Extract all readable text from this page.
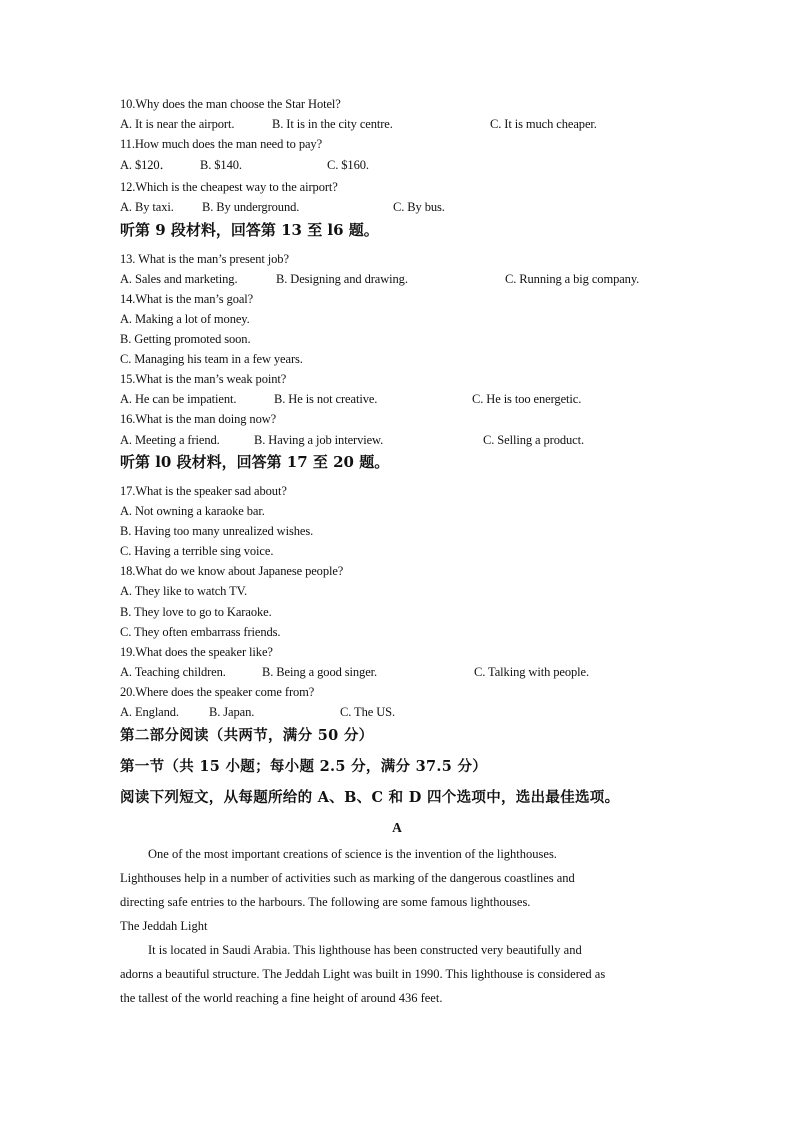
10.Why does the man choose the Star Hotel?
A. It is near the airport.	B. It is in the city centre.	C. It is much cheaper.
11.How much does the man need to pay?
A. $120． B. $140.	C. $160.
12.Which is the cheapest way to the airport?
A. By taxi. B. By underground.	C. By bus.
听第 9 段材料，回答第 13 至 l6 题。
13. What is the man’s present job?
A. Sales and marketing.	B. Designing and drawing.	C. Running a big company.
14.What is the man’s goal?
A. Making a lot of money.
B. Getting promoted soon.
C. Managing his team in a few years.
15.What is the man’s weak point?
A. He can be impatient.	B. He is not creative.	C. He is too energetic.
16.What is the man doing now?
A. Meeting a friend.	B. Having a job interview.	C. Selling a product.
听第 l0 段材料，回答第 17 至 20 题。
17.What is the speaker sad about?
A. Not owning a karaoke bar.
B. Having too many unrealized wishes.
C. Having a terrible sing voice.
18.What do we know about Japanese people?
A. They like to watch TV.
B. They love to go to Karaoke.
C. They often embarrass friends.
19.What does the speaker like?
A. Teaching children.	B. Being a good singer.	C. Talking with people.
20.Where does the speaker come from?
A. England. B. Japan.	C. The US.
第二部分阅读（共两节，满分 50 分）
第一节（共 15 小题；每小题 2.5 分，满分 37.5 分）
阅读下列短文，从每题所给的 A、B、C 和 D 四个选项中，选出最佳选项。
A
One of the most important creations of science is the invention of the lighthouses.
Lighthouses help in a number of activities such as marking of the dangerous coastlines and
directing safe entries to the harbours. The following are some famous lighthouses.
The Jeddah Light
It is located in Saudi Arabia. This lighthouse has been constructed very beautifully and
adorns a beautiful structure. The Jeddah Light was built in 1990. This lighthouse is considered as
the tallest of the world reaching a fine height of around 436 feet.
